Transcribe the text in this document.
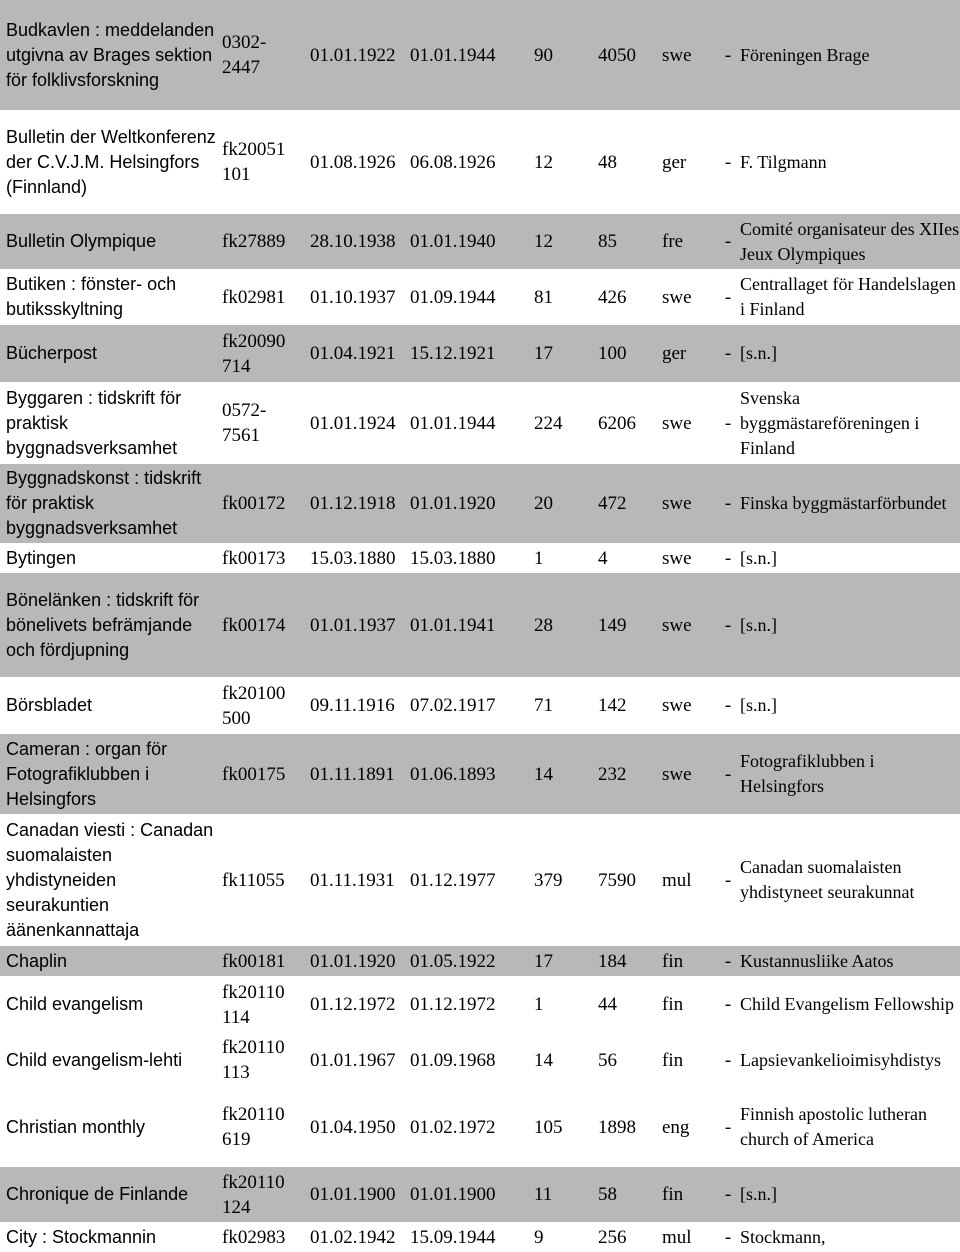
Budkavlen : meddelanden utgivna av Brages sektion för folklivsforskning	0302-2447	01.01.1922	01.01.1944	90	4050	swe	-	Föreningen Brage
Bulletin der Weltkonferenz der C.V.J.M. Helsingfors (Finnland)	fk20051 101	01.08.1926	06.08.1926	12	48	ger	-	F. Tilgmann
Bulletin Olympique	fk27889	28.10.1938	01.01.1940	12	85	fre	-	Comité organisateur des XIIes Jeux Olympiques
Butiken : fönster- och butiksskyltning	fk02981	01.10.1937	01.09.1944	81	426	swe	-	Centrallaget för Handelslagen i Finland
Bücherpost	fk20090 714	01.04.1921	15.12.1921	17	100	ger	-	[s.n.]
Byggaren : tidskrift för praktisk byggnadsverksamhet	0572-7561	01.01.1924	01.01.1944	224	6206	swe	-	Svenska byggmästareföreningen i Finland
Byggnadskonst : tidskrift för praktisk byggnadsverksamhet	fk00172	01.12.1918	01.01.1920	20	472	swe	-	Finska byggmästarförbundet
Bytingen	fk00173	15.03.1880	15.03.1880	1	4	swe	-	[s.n.]
Bönelänken : tidskrift för bönelivets befrämjande och fördjupning	fk00174	01.01.1937	01.01.1941	28	149	swe	-	[s.n.]
Börsbladet	fk20100 500	09.11.1916	07.02.1917	71	142	swe	-	[s.n.]
Cameran : organ för Fotografiklubben i Helsingfors	fk00175	01.11.1891	01.06.1893	14	232	swe	-	Fotografiklubben i Helsingfors
Canadan viesti : Canadan suomalaisten yhdistyneiden seurakuntien äänenkannattaja	fk11055	01.11.1931	01.12.1977	379	7590	mul	-	Canadan suomalaisten yhdistyneet seurakunnat
Chaplin	fk00181	01.01.1920	01.05.1922	17	184	fin	-	Kustannusliike Aatos
Child evangelism	fk20110 114	01.12.1972	01.12.1972	1	44	fin	-	Child Evangelism Fellowship
Child evangelism-lehti	fk20110 113	01.01.1967	01.09.1968	14	56	fin	-	Lapsievankelioimisyhdistys
Christian monthly	fk20110 619	01.04.1950	01.02.1972	105	1898	eng	-	Finnish apostolic lutheran church of America
Chronique de Finlande	fk20110 124	01.01.1900	01.01.1900	11	58	fin	-	[s.n.]
City : Stockmannin	fk02983	01.02.1942	15.09.1944	9	256	mul	-	Stockmann,
